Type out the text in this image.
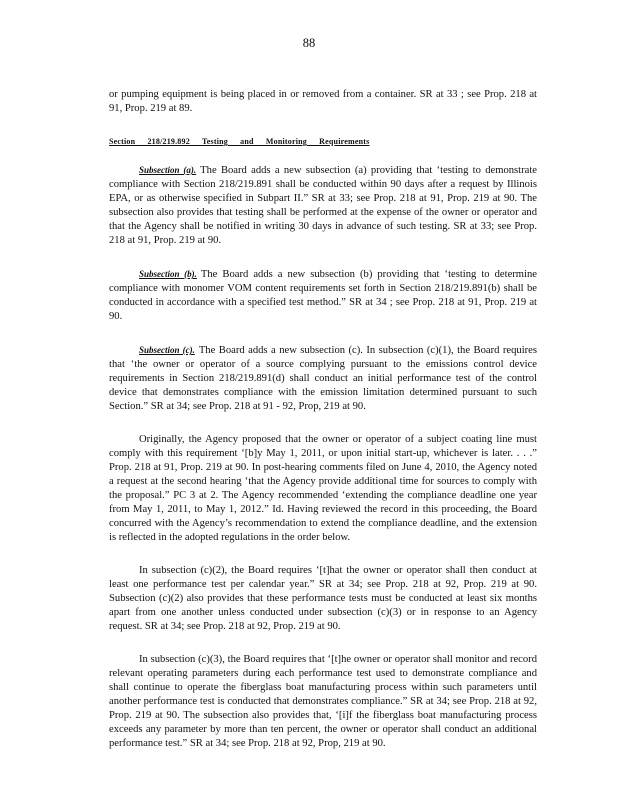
88

or pumping equipment is being placed in or removed from a container. SR at 33 ; see Prop. 218 at 91, Prop. 219 at 89.

Section 218/219.892 Testing and Monitoring Requirements

Subsection (a). The Board adds a new subsection (a) providing that ‘testing to demonstrate compliance with Section 218/219.891 shall be conducted within 90 days after a request by Illinois EPA, or as otherwise specified in Subpart II.” SR at 33; see Prop. 218 at 91, Prop. 219 at 90. The subsection also provides that testing shall be performed at the expense of the owner or operator and that the Agency shall be notified in writing 30 days in advance of such testing. SR at 33; see Prop. 218 at 91, Prop. 219 at 90.

Subsection (b). The Board adds a new subsection (b) providing that ‘testing to determine compliance with monomer VOM content requirements set forth in Section 218/219.891(b) shall be conducted in accordance with a specified test method.” SR at 34 ; see Prop. 218 at 91, Prop. 219 at 90.

Subsection (c). The Board adds a new subsection (c). In subsection (c)(1), the Board requires that ‘the owner or operator of a source complying pursuant to the emissions control device requirements in Section 218/219.891(d) shall conduct an initial performance test of the control device that demonstrates compliance with the emission limitation determined pursuant to such Section.” SR at 34; see Prop. 218 at 91 - 92, Prop, 219 at 90.

Originally, the Agency proposed that the owner or operator of a subject coating line must comply with this requirement ‘[b]y May 1, 2011, or upon initial start-up, whichever is later. . . .” Prop. 218 at 91, Prop. 219 at 90. In post-hearing comments filed on June 4, 2010, the Agency noted a request at the second hearing ‘that the Agency provide additional time for sources to comply with the proposal.” PC 3 at 2. The Agency recommended ‘extending the compliance deadline one year from May 1, 2011, to May 1, 2012.” Id. Having reviewed the record in this proceeding, the Board concurred with the Agency’s recommendation to extend the compliance deadline, and the extension is reflected in the adopted regulations in the order below.

In subsection (c)(2), the Board requires ‘[t]hat the owner or operator shall then conduct at least one performance test per calendar year.” SR at 34; see Prop. 218 at 92, Prop. 219 at 90. Subsection (c)(2) also provides that these performance tests must be conducted at least six months apart from one another unless conducted under subsection (c)(3) or in response to an Agency request. SR at 34; see Prop. 218 at 92, Prop. 219 at 90.

In subsection (c)(3), the Board requires that ‘[t]he owner or operator shall monitor and record relevant operating parameters during each performance test used to demonstrate compliance and shall continue to operate the fiberglass boat manufacturing process within such parameters until another performance test is conducted that demonstrates compliance.” SR at 34; see Prop. 218 at 92, Prop. 219 at 90. The subsection also provides that, ‘[i]f the fiberglass boat manufacturing process exceeds any parameter by more than ten percent, the owner or operator shall conduct an additional performance test.” SR at 34; see Prop. 218 at 92, Prop, 219 at 90.
